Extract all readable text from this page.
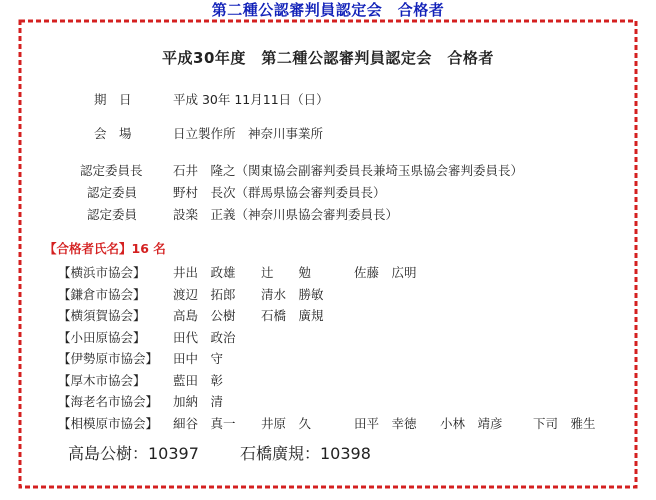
第二種公認審判員認定会　合格者
平成30年度　第二種公認審判員認定会　合格者
期　日	平成 30年 11月11日（日）
会　場	日立製作所　神奈川事業所
認定委員長 石井　隆之（関東協会副審判委員長兼埼玉県協会審判委員長）
認定委員	野村　長次（群馬県協会審判委員長）
認定委員	設楽　正義（神奈川県協会審判委員長）
【合格者氏名】16 名
【横浜市協会】 井出　政雄 辻　　勉	佐藤　広明
【鎌倉市協会】 渡辺　拓郎 清水　勝敏
【横須賀協会】 高島　公樹 石橋　廣規
【小田原協会】 田代　政治
【伊勢原市協会】 田中　守
【厚木市協会】 藍田　彰
【海老名市協会】 加納　清
【相模原市協会】 細谷　真一 井原　久	田平　幸徳 小林　靖彦 下司　雅生
高島公樹：10397	石橋廣規：10398
